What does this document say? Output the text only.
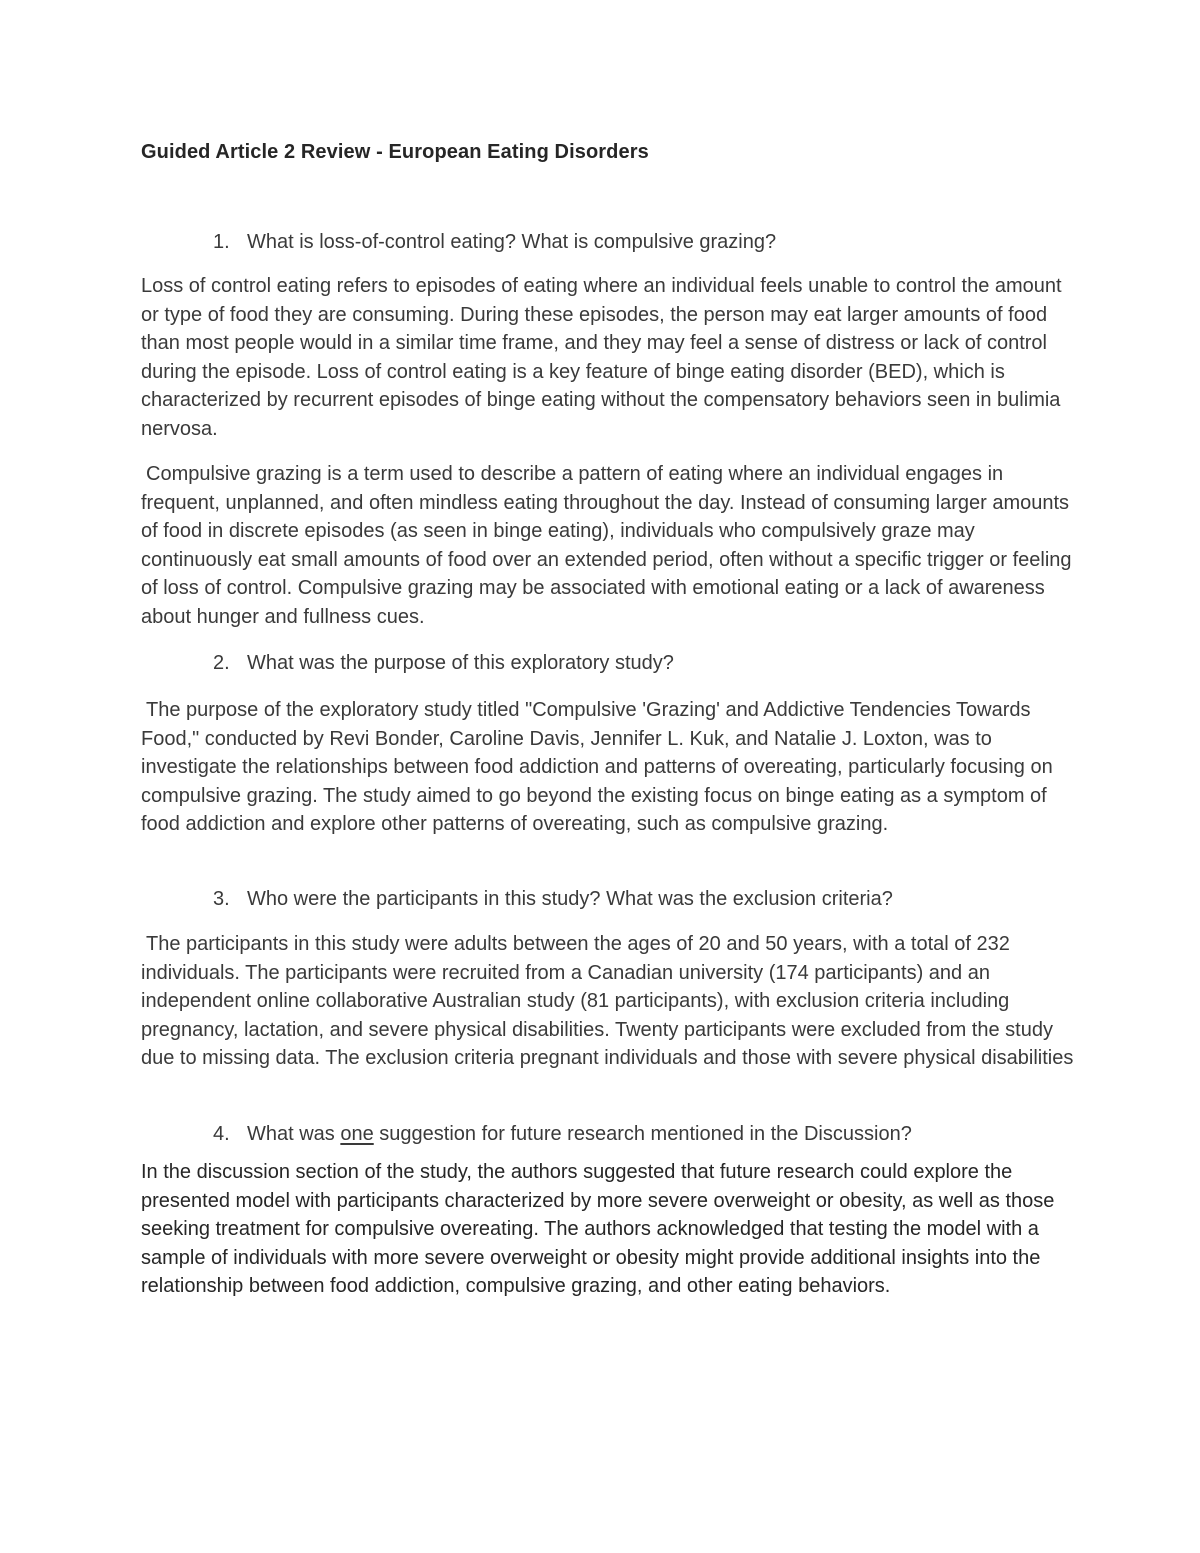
Guided Article 2 Review - European Eating Disorders

1. What is loss-of-control eating? What is compulsive grazing?

Loss of control eating refers to episodes of eating where an individual feels unable to control the amount or type of food they are consuming. During these episodes, the person may eat larger amounts of food than most people would in a similar time frame, and they may feel a sense of distress or lack of control during the episode. Loss of control eating is a key feature of binge eating disorder (BED), which is characterized by recurrent episodes of binge eating without the compensatory behaviors seen in bulimia nervosa.

Compulsive grazing is a term used to describe a pattern of eating where an individual engages in frequent, unplanned, and often mindless eating throughout the day. Instead of consuming larger amounts of food in discrete episodes (as seen in binge eating), individuals who compulsively graze may continuously eat small amounts of food over an extended period, often without a specific trigger or feeling of loss of control. Compulsive grazing may be associated with emotional eating or a lack of awareness about hunger and fullness cues.

2. What was the purpose of this exploratory study?

The purpose of the exploratory study titled "Compulsive 'Grazing' and Addictive Tendencies Towards Food," conducted by Revi Bonder, Caroline Davis, Jennifer L. Kuk, and Natalie J. Loxton, was to investigate the relationships between food addiction and patterns of overeating, particularly focusing on compulsive grazing. The study aimed to go beyond the existing focus on binge eating as a symptom of food addiction and explore other patterns of overeating, such as compulsive grazing.

3. Who were the participants in this study? What was the exclusion criteria?

The participants in this study were adults between the ages of 20 and 50 years, with a total of 232 individuals. The participants were recruited from a Canadian university (174 participants) and an independent online collaborative Australian study (81 participants), with exclusion criteria including pregnancy, lactation, and severe physical disabilities. Twenty participants were excluded from the study due to missing data. The exclusion criteria pregnant individuals and those with severe physical disabilities

4. What was one suggestion for future research mentioned in the Discussion?

In the discussion section of the study, the authors suggested that future research could explore the presented model with participants characterized by more severe overweight or obesity, as well as those seeking treatment for compulsive overeating. The authors acknowledged that testing the model with a sample of individuals with more severe overweight or obesity might provide additional insights into the relationship between food addiction, compulsive grazing, and other eating behaviors.
